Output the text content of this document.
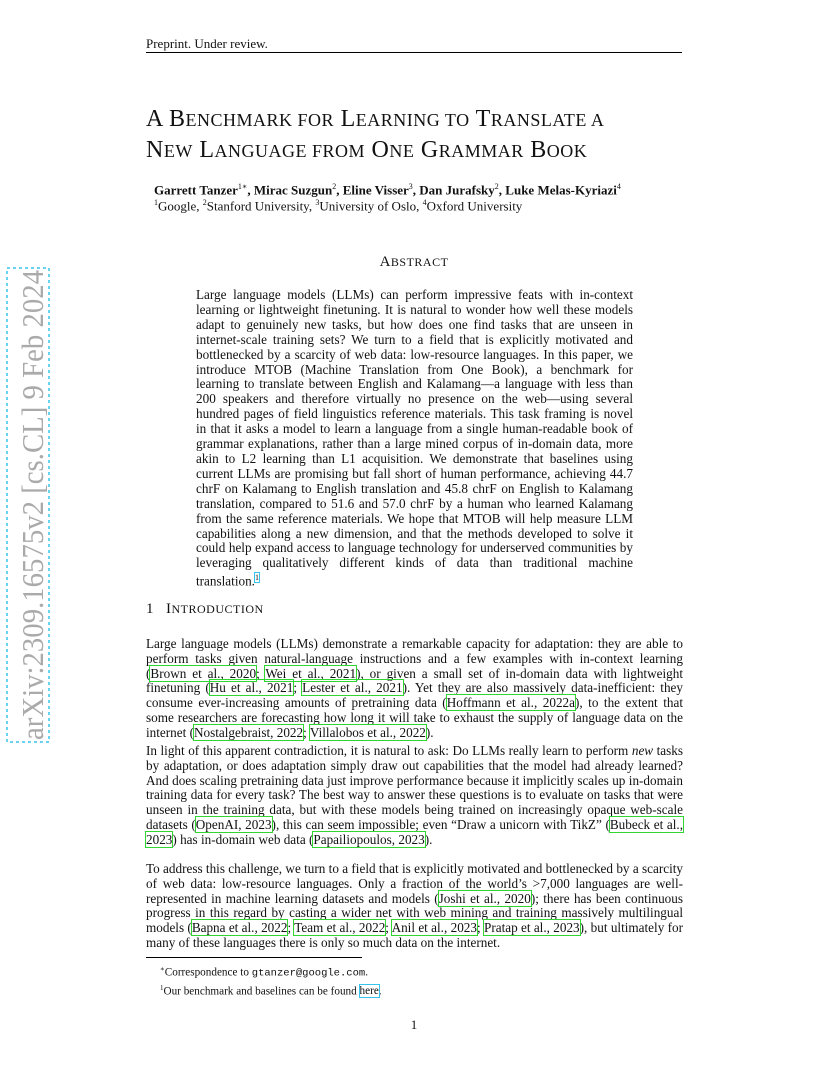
Preprint. Under review.
arXiv:2309.16575v2 [cs.CL] 9 Feb 2024
A BENCHMARK FOR LEARNING TO TRANSLATE A
NEW LANGUAGE FROM ONE GRAMMAR BOOK
Garrett Tanzer$^{1∗}$, Mirac Suzgun$^2$, Eline Visser$^3$, Dan Jurafsky$^2$, Luke Melas-Kyriazi$^4$
$^1$Google, $^2$Stanford University, $^3$University of Oslo, $^4$Oxford University
ABSTRACT
Large language models (LLMs) can perform impressive feats with in-context learning or lightweight finetuning. It is natural to wonder how well these models adapt to genuinely new tasks, but how does one find tasks that are unseen in internet-scale training sets? We turn to a field that is explicitly motivated and bottlenecked by a scarcity of web data: low-resource languages. In this paper, we introduce MTOB (Machine Translation from One Book), a benchmark for learning to translate between English and Kalamang—a language with less than 200 speakers and therefore virtually no presence on the web—using several hundred pages of field linguistics reference materials. This task framing is novel in that it asks a model to learn a language from a single human-readable book of grammar explanations, rather than a large mined corpus of in-domain data, more akin to L2 learning than L1 acquisition. We demonstrate that baselines using current LLMs are promising but fall short of human performance, achieving 44.7 chrF on Kalamang to English translation and 45.8 chrF on English to Kalamang translation, compared to 51.6 and 57.0 chrF by a human who learned Kalamang from the same reference materials. We hope that MTOB will help measure LLM capabilities along a new dimension, and that the methods developed to solve it could help expand access to language technology for underserved communities by leveraging qualitatively different kinds of data than traditional machine translation.$^1$
1 INTRODUCTION
Large language models (LLMs) demonstrate a remarkable capacity for adaptation: they are able to perform tasks given natural-language instructions and a few examples with in-context learning (Brown et al., 2020; Wei et al., 2021), or given a small set of in-domain data with lightweight finetuning (Hu et al., 2021; Lester et al., 2021). Yet they are also massively data-inefficient: they consume ever-increasing amounts of pretraining data (Hoffmann et al., 2022a), to the extent that some researchers are forecasting how long it will take to exhaust the supply of language data on the internet (Nostalgebraist, 2022; Villalobos et al., 2022).
In light of this apparent contradiction, it is natural to ask: Do LLMs really learn to perform new tasks by adaptation, or does adaptation simply draw out capabilities that the model had already learned? And does scaling pretraining data just improve performance because it implicitly scales up in-domain training data for every task? The best way to answer these questions is to evaluate on tasks that were unseen in the training data, but with these models being trained on increasingly opaque web-scale datasets (OpenAI, 2023), this can seem impossible; even “Draw a unicorn with TikZ” (Bubeck et al., 2023) has in-domain web data (Papailiopoulos, 2023).
To address this challenge, we turn to a field that is explicitly motivated and bottlenecked by a scarcity of web data: low-resource languages. Only a fraction of the world’s >7,000 languages are well-represented in machine learning datasets and models (Joshi et al., 2020); there has been continuous progress in this regard by casting a wider net with web mining and training massively multilingual models (Bapna et al., 2022; Team et al., 2022; Anil et al., 2023; Pratap et al., 2023), but ultimately for many of these languages there is only so much data on the internet.
∗Correspondence to gtanzer@google.com.
$^1$Our benchmark and baselines can be found here.
1
